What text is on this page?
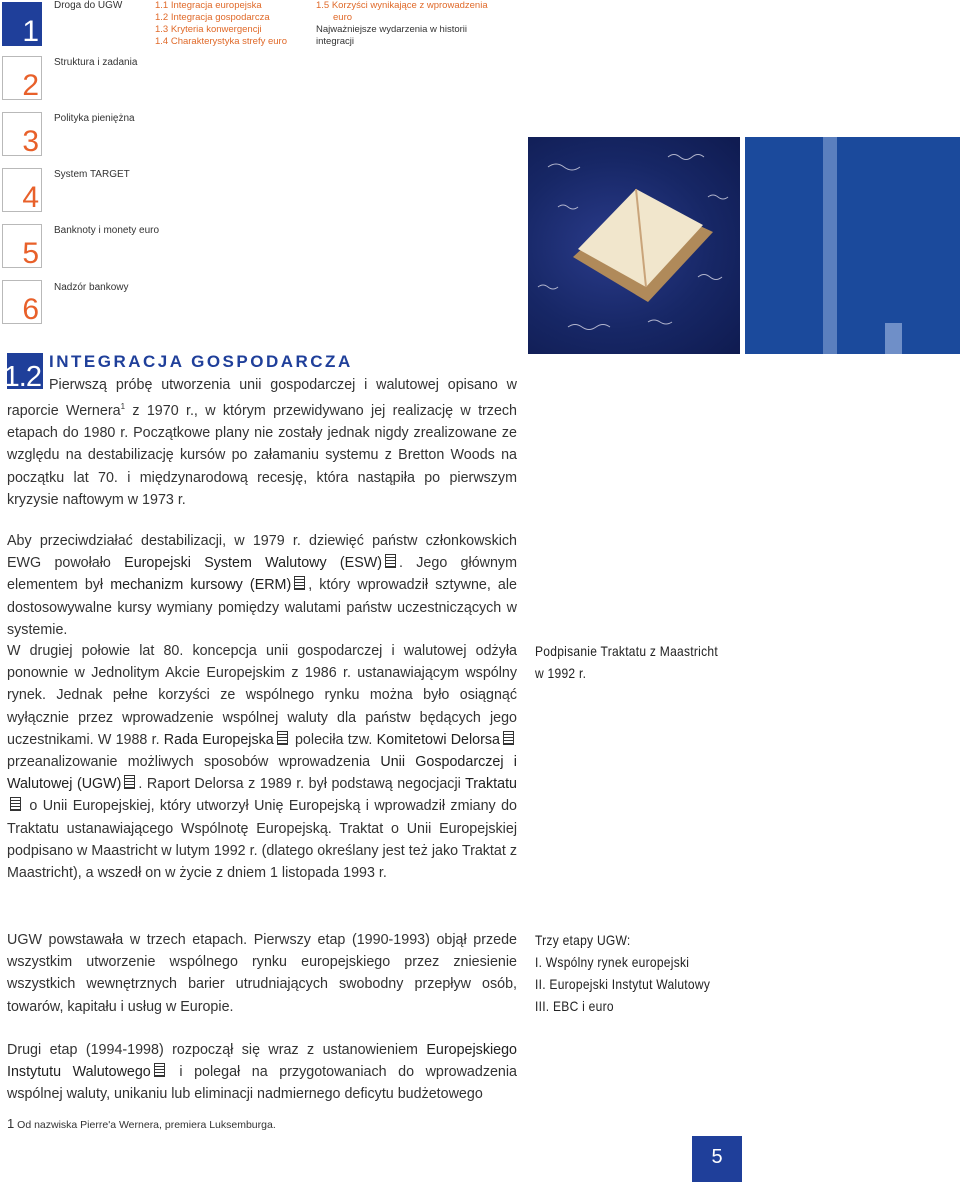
1
Droga do UGW
2
Struktura i zadania
3
Polityka pieniężna
4
System TARGET
5
Banknoty i monety euro
6
Nadzór bankowy
1.1 Integracja europejska
1.2 Integracja gospodarcza
1.3 Kryteria konwergencji
1.4 Charakterystyka strefy euro
1.5 Korzyści wynikające z wprowadzenia
euro
Najważniejsze wydarzenia w historii
integracji
1.2 INTEGRACJA GOSPODARCZA

Pierwszą próbę utworzenia unii gospodarczej i walutowej opisano w raporcie Wernera$^1$ z 1970 r., w którym przewidywano jej realizację w trzech etapach do 1980 r. Początkowe plany nie zostały jednak nigdy zrealizowane ze względu na destabilizację kursów po załamaniu systemu z Bretton Woods na początku lat 70. i międzynarodową recesję, która nastąpiła po pierwszym kryzysie naftowym w 1973 r.

Aby przeciwdziałać destabilizacji, w 1979 r. dziewięć państw członkowskich EWG powołało Europejski System Walutowy (ESW) . Jego głównym elementem był mechanizm kursowy (ERM) , który wprowadził sztywne, ale dostosowywalne kursy wymiany pomiędzy walutami państw uczestniczących w systemie.

W drugiej połowie lat 80. koncepcja unii gospodarczej i walutowej odżyła ponownie w Jednolitym Akcie Europejskim z 1986 r. ustanawiającym wspólny rynek. Jednak pełne korzyści ze wspólnego rynku można było osiągnąć wyłącznie przez wprowadzenie wspólnej waluty dla państw będących jego uczestnikami. W 1988 r. Rada Europejska poleciła tzw. Komitetowi Delorsa przeanalizowanie możliwych sposobów wprowadzenia Unii Gospodarczej i Walutowej (UGW) . Raport Delorsa z 1989 r. był podstawą negocjacji Traktatu o Unii Europejskiej, który utworzył Unię Europejską i wprowadził zmiany do Traktatu ustanawiającego Wspólnotę Europejską. Traktat o Unii Europejskiej podpisano w Maastricht w lutym 1992 r. (dlatego określany jest też jako Traktat z Maastricht), a wszedł on w życie z dniem 1 listopada 1993 r.

UGW powstawała w trzech etapach. Pierwszy etap (1990-1993) objął przede wszystkim utworzenie wspólnego rynku europejskiego przez zniesienie wszystkich wewnętrznych barier utrudniających swobodny przepływ osób, towarów, kapitału i usług w Europie.

Drugi etap (1994-1998) rozpoczął się wraz z ustanowieniem Europejskiego Instytutu Walutowego i polegał na przygotowaniach do wprowadzenia wspólnej waluty, unikaniu lub eliminacji nadmiernego deficytu budżetowego

Podpisanie Traktatu z Maastricht w 1992 r.
Trzy etapy UGW:
I. Wspólny rynek europejski
II. Europejski Instytut Walutowy
III. EBC i euro
1 Od nazwiska Pierre'a Wernera, premiera Luksemburga.
5
